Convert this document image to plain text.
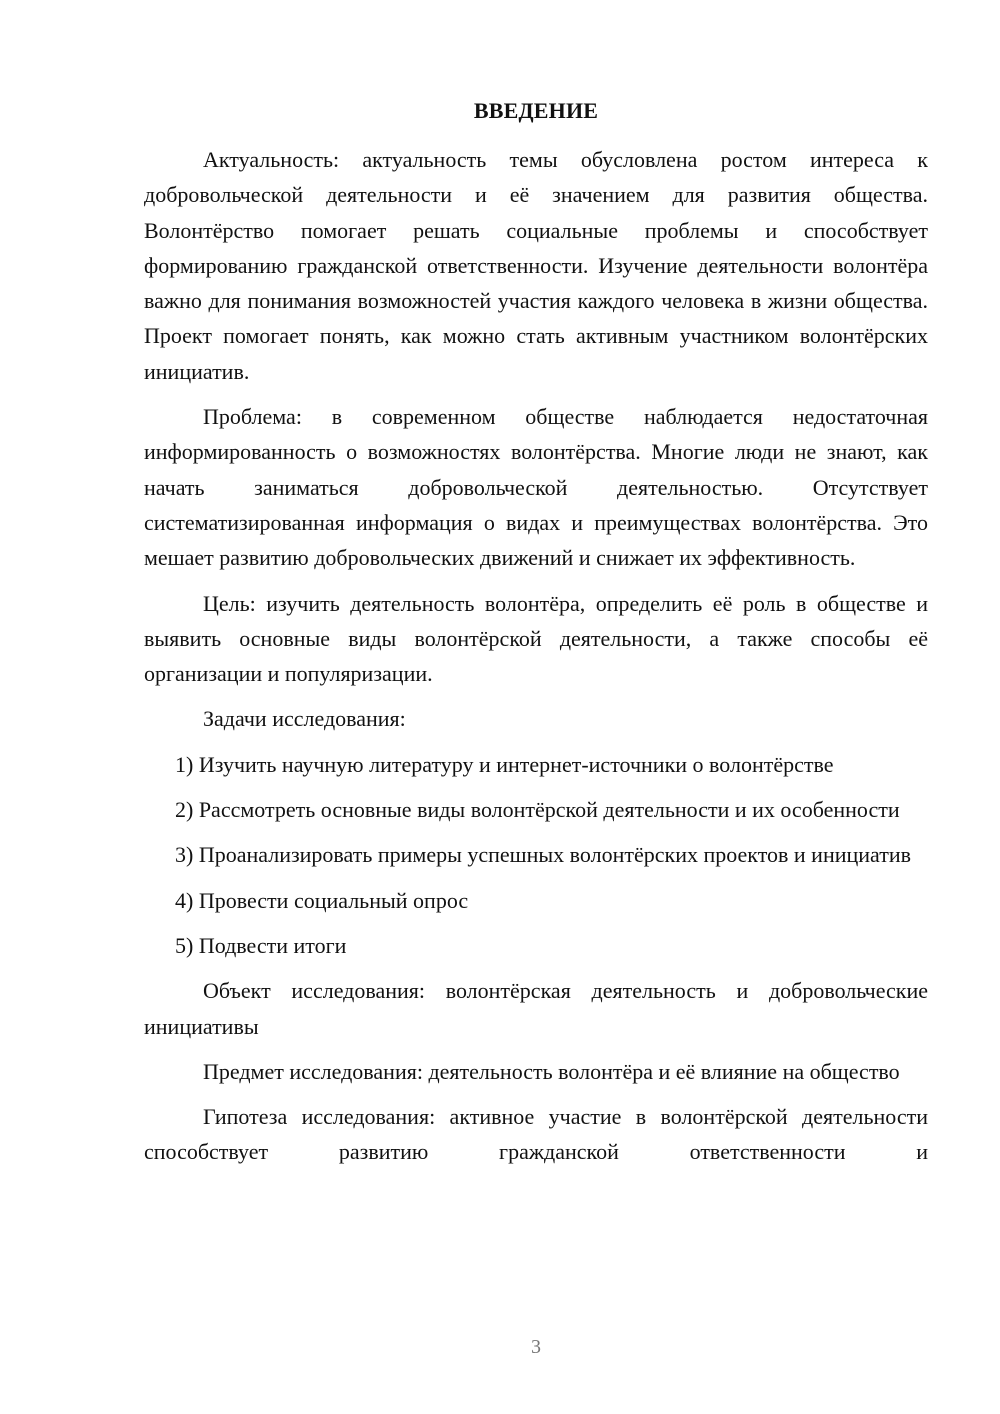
ВВЕДЕНИЕ

Актуальность: актуальность темы обусловлена ростом интереса к добровольческой деятельности и её значением для развития общества. Волонтёрство помогает решать социальные проблемы и способствует формированию гражданской ответственности. Изучение деятельности волонтёра важно для понимания возможностей участия каждого человека в жизни общества. Проект помогает понять, как можно стать активным участником волонтёрских инициатив.

Проблема: в современном обществе наблюдается недостаточная информированность о возможностях волонтёрства. Многие люди не знают, как начать заниматься добровольческой деятельностью. Отсутствует систематизированная информация о видах и преимуществах волонтёрства. Это мешает развитию добровольческих движений и снижает их эффективность.

Цель: изучить деятельность волонтёра, определить её роль в обществе и выявить основные виды волонтёрской деятельности, а также способы её организации и популяризации.

Задачи исследования:

1) Изучить научную литературу и интернет-источники о волонтёрстве

2) Рассмотреть основные виды волонтёрской деятельности и их особенности

3) Проанализировать примеры успешных волонтёрских проектов и инициатив

4) Провести социальный опрос

5) Подвести итоги

Объект исследования: волонтёрская деятельность и добровольческие инициативы

Предмет исследования: деятельность волонтёра и её влияние на общество

Гипотеза исследования: активное участие в волонтёрской деятельности способствует развитию гражданской ответственности и

3
